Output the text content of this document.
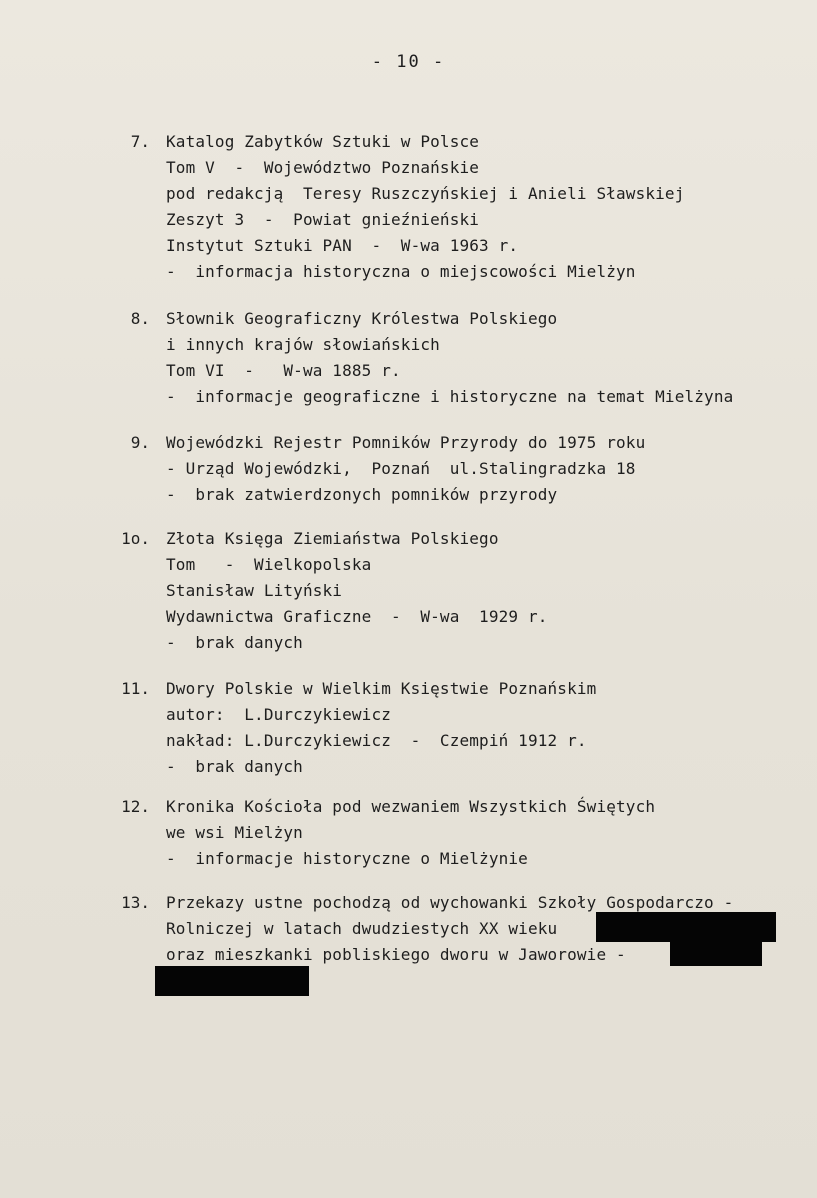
- 10 -
7. Katalog Zabytków Sztuki w Polsce
Tom V  -  Województwo Poznańskie
pod redakcją  Teresy Ruszczyńskiej i Anieli Sławskiej
Zeszyt 3  -  Powiat gnieźnieński
Instytut Sztuki PAN  -  W-wa 1963 r.
-  informacja historyczna o miejscowości Mielżyn
8. Słownik Geograficzny Królestwa Polskiego
i innych krajów słowiańskich
Tom VI  -   W-wa 1885 r.
-  informacje geograficzne i historyczne na temat Mielżyna
9. Wojewódzki Rejestr Pomników Przyrody do 1975 roku
- Urząd Wojewódzki,  Poznań  ul.Stalingradzka 18
-  brak zatwierdzonych pomników przyrody
1o. Złota Księga Ziemiaństwa Polskiego
Tom   -  Wielkopolska
Stanisław Lityński
Wydawnictwa Graficzne  -  W-wa  1929 r.
-  brak danych
11. Dwory Polskie w Wielkim Księstwie Poznańskim
autor:  L.Durczykiewicz
nakład: L.Durczykiewicz  -  Czempiń 1912 r.
-  brak danych
12. Kronika Kościoła pod wezwaniem Wszystkich Świętych
we wsi Mielżyn
-  informacje historyczne o Mielżynie
13. Przekazy ustne pochodzą od wychowanki Szkoły Gospodarczo -
Rolniczej w latach dwudziestych XX wieku
oraz mieszkanki pobliskiego dworu w Jaworowie -
